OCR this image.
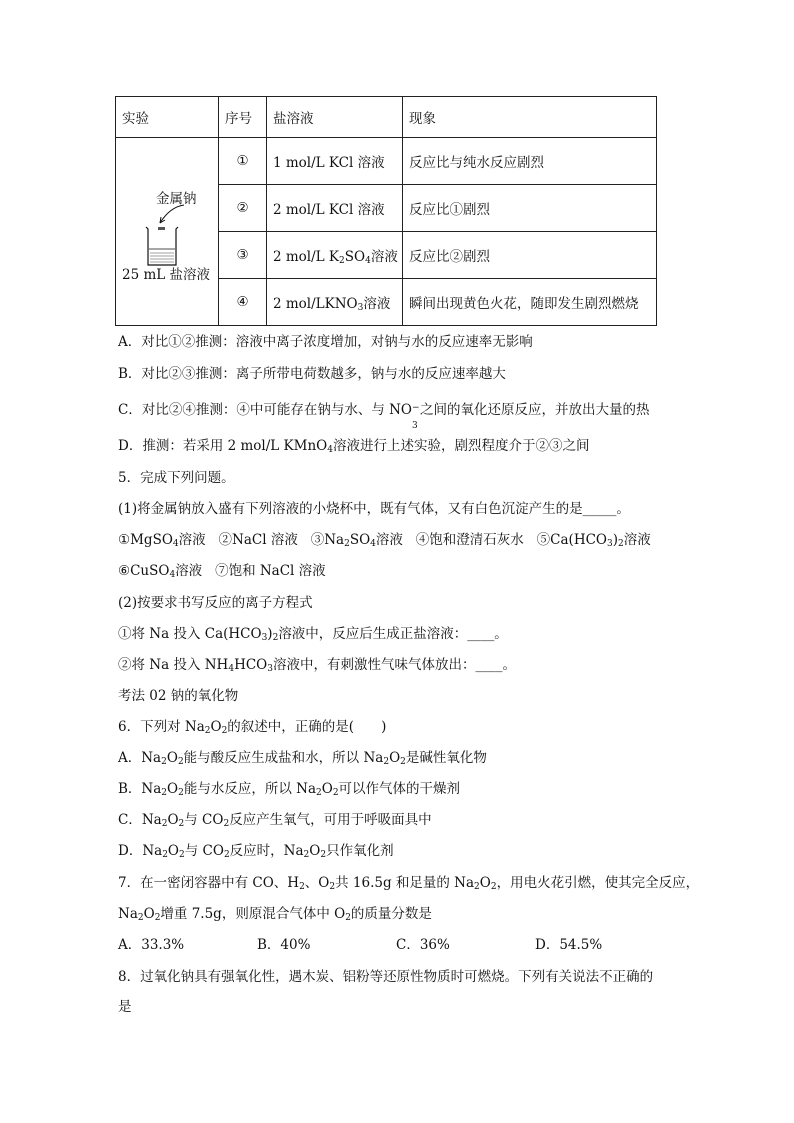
实验	序号	盐溶液	现象

金属钠
25 mL 盐溶液	①	1 mol/L KCl 溶液	反应比与纯水反应剧烈
	②	2 mol/L KCl 溶液	反应比①剧烈
	③	2 mol/L $K_2SO_4$溶液	反应比②剧烈
	④	2 mol/$LKNO_3$溶液	瞬间出现黄色火花，随即发生剧烈燃烧
A．对比①②推测：溶液中离子浓度增加，对钠与水的反应速率无影响
B．对比②③推测：离子所带电荷数越多，钠与水的反应速率越大
C．对比②④推测：④中可能存在钠与水、与 NO −
3
之间的氧化还原反应，并放出大量的热
D．推测：若采用 2 mol/L KMnO$_4$溶液进行上述实验，剧烈程度介于②③之间
5．完成下列问题。
(1)将金属钠放入盛有下列溶液的小烧杯中，既有气体，又有白色沉淀产生的是_____。
①MgSO$_4$溶液 ②NaCl 溶液 $③Na_2SO_4$溶液 ④饱和澄清石灰水 $⑤Ca(HCO_3)_2$溶液
⑥CuSO$_4$溶液 ⑦饱和 NaCl 溶液
(2)按要求书写反应的离子方程式
①将 Na 投入 $Ca(HCO_3)_2$溶液中，反应后生成正盐溶液：____。
②将 Na 投入 $NH_4HCO_3$溶液中，有刺激性气味气体放出：____。
考法 02 钠的氧化物
6．下列对 $Na_2O_2$的叙述中，正确的是(　　)
A．$Na_2O_2$能与酸反应生成盐和水，所以 $Na_2O_2$是碱性氧化物
B．$Na_2O_2$能与水反应，所以 $Na_2O_2$可以作气体的干燥剂
C．$Na_2O_2$与 $CO_2$反应产生氧气，可用于呼吸面具中
D．$Na_2O_2$与 $CO_2$反应时，$Na_2O_2$只作氧化剂
7．在一密闭容器中有 CO、$H_2$、$O_2$共 16.5g 和足量的 $Na_2O_2$，用电火花引燃，使其完全反应，
$Na_2O_2$增重 7.5g，则原混合气体中 $O_2$的质量分数是
A．33.3%	B．40%	C．36%	D．54.5%
8．过氧化钠具有强氧化性，遇木炭、铝粉等还原性物质时可燃烧。下列有关说法不正确的
是
